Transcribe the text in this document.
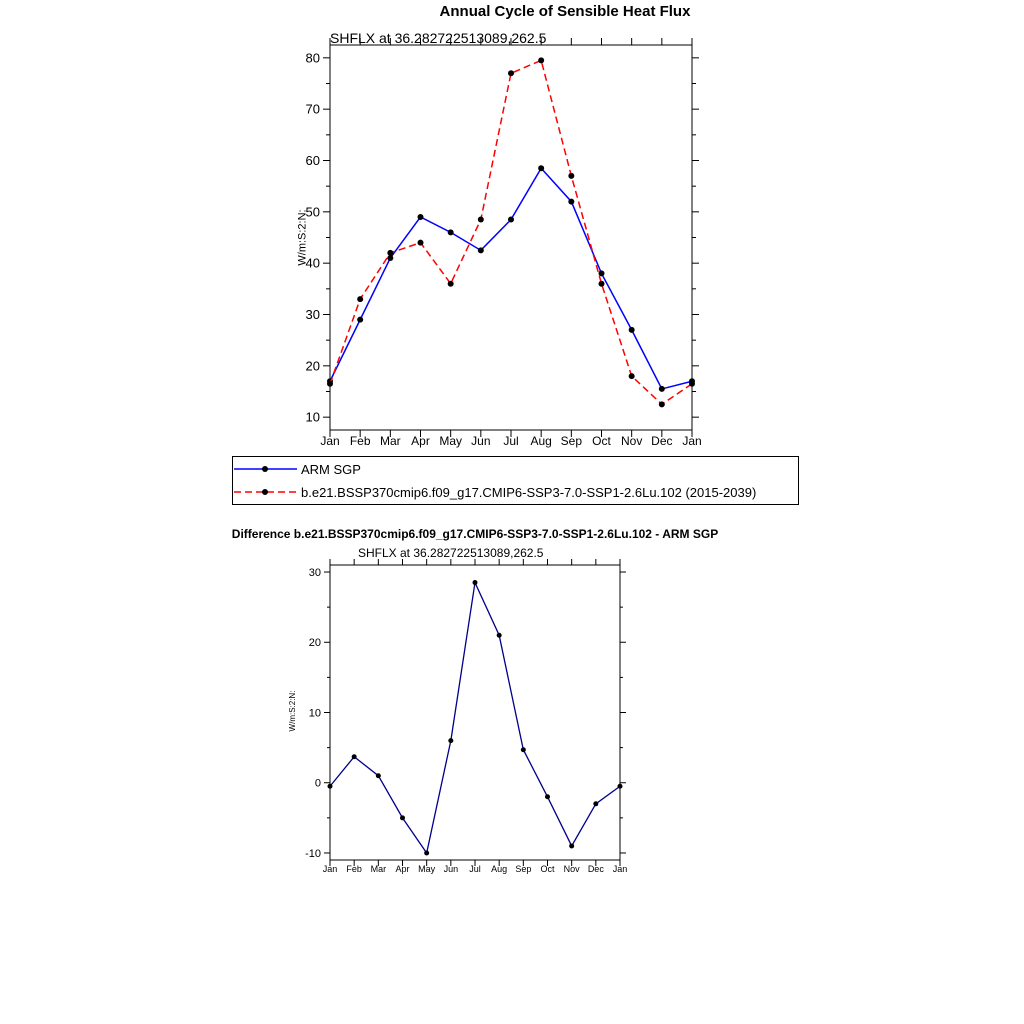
Annual Cycle of Sensible Heat Flux
SHFLX at 36.282722513089,262.5
W/m:S:2:N:
10
20
30
40
50
60
70
80
Jan Feb Mar Apr May Jun Jul Aug Sep Oct Nov Dec Jan
ARM SGP
b.e21.BSSP370cmip6.f09_g17.CMIP6-SSP3-7.0-SSP1-2.6Lu.102 (2015-2039)
Difference b.e21.BSSP370cmip6.f09_g17.CMIP6-SSP3-7.0-SSP1-2.6Lu.102 - ARM SGP
SHFLX at 36.282722513089,262.5
W/m:S:2:N:
-10
0
10
20
30
Jan Feb Mar Apr May Jun Jul Aug Sep Oct Nov Dec Jan
